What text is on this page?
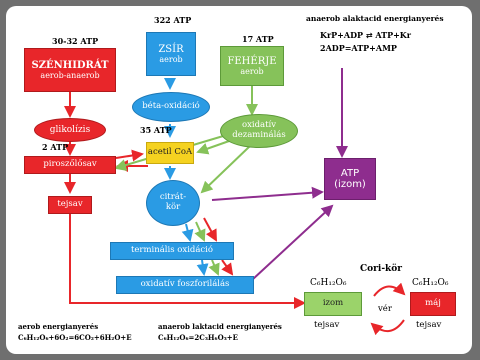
30-32 ATP
322 ATP
17 ATP
35 ATP
2 ATP
SZÉNHIDRÁT
aerob-anaerob
ZSÍR
aerob	FEHÉRJE
aerob
glikolízis
béta-oxidáció
oxidatív
dezaminálás
piroszőlősav
acetil CoA
citrát-
kör
tejsav
terminális oxidáció
oxidatív foszforilálás
ATP
(izom)
anaerob alaktacid energianyerés
KrP+ADP ⇄ ATP+Kr
2ADP=ATP+AMP
Cori-kör
izom
C₆H₁₂O₆
tejsav
vér
máj
C₆H₁₂O₆
tejsav
aerob energianyerés
C₆H₁₂O₆+6O₂=6CO₂+6H₂O+E
anaerob laktacid energianyerés
C₆H₁₂O₆=2C₃H₆O₃+E
